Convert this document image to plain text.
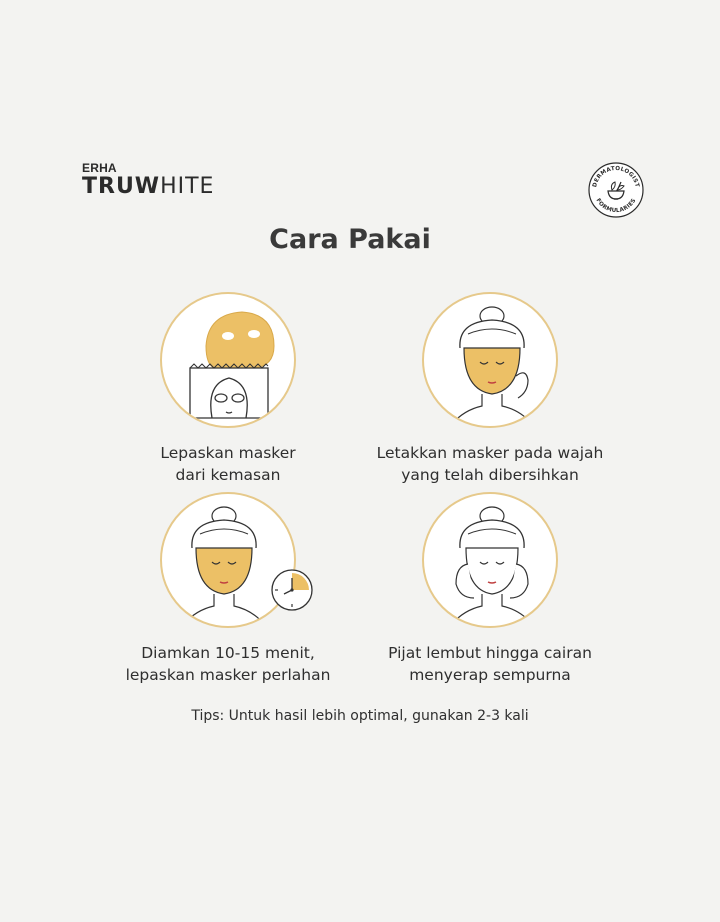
ERHA
TRUWHITE	DERMATOLOGIST
FORMULARIES
Cara Pakai
Lepaskan masker
dari kemasan
Letakkan masker pada wajah
yang telah dibersihkan
Diamkan 10-15 menit,
lepaskan masker perlahan
Pijat lembut hingga cairan
menyerap sempurna
Tips: Untuk hasil lebih optimal, gunakan 2-3 kali
